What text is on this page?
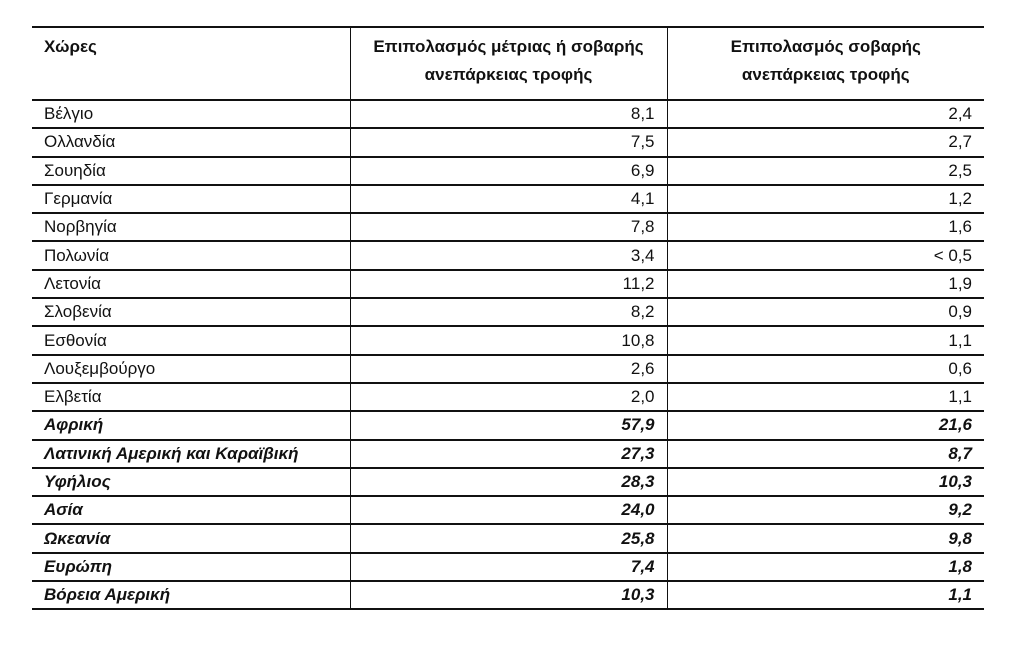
Χώρες	Επιπολασμός μέτριας ή σοβαρής ανεπάρκειας τροφής	Επιπολασμός σοβαρής ανεπάρκειας τροφής
Βέλγιο	8,1	2,4
Ολλανδία	7,5	2,7
Σουηδία	6,9	2,5
Γερμανία	4,1	1,2
Νορβηγία	7,8	1,6
Πολωνία	3,4	< 0,5
Λετονία	11,2	1,9
Σλοβενία	8,2	0,9
Εσθονία	10,8	1,1
Λουξεμβούργο	2,6	0,6
Ελβετία	2,0	1,1
Αφρική	57,9	21,6
Λατινική Αμερική και Καραϊβική	27,3	8,7
Υφήλιος	28,3	10,3
Ασία	24,0	9,2
Ωκεανία	25,8	9,8
Ευρώπη	7,4	1,8
Βόρεια Αμερική	10,3	1,1
